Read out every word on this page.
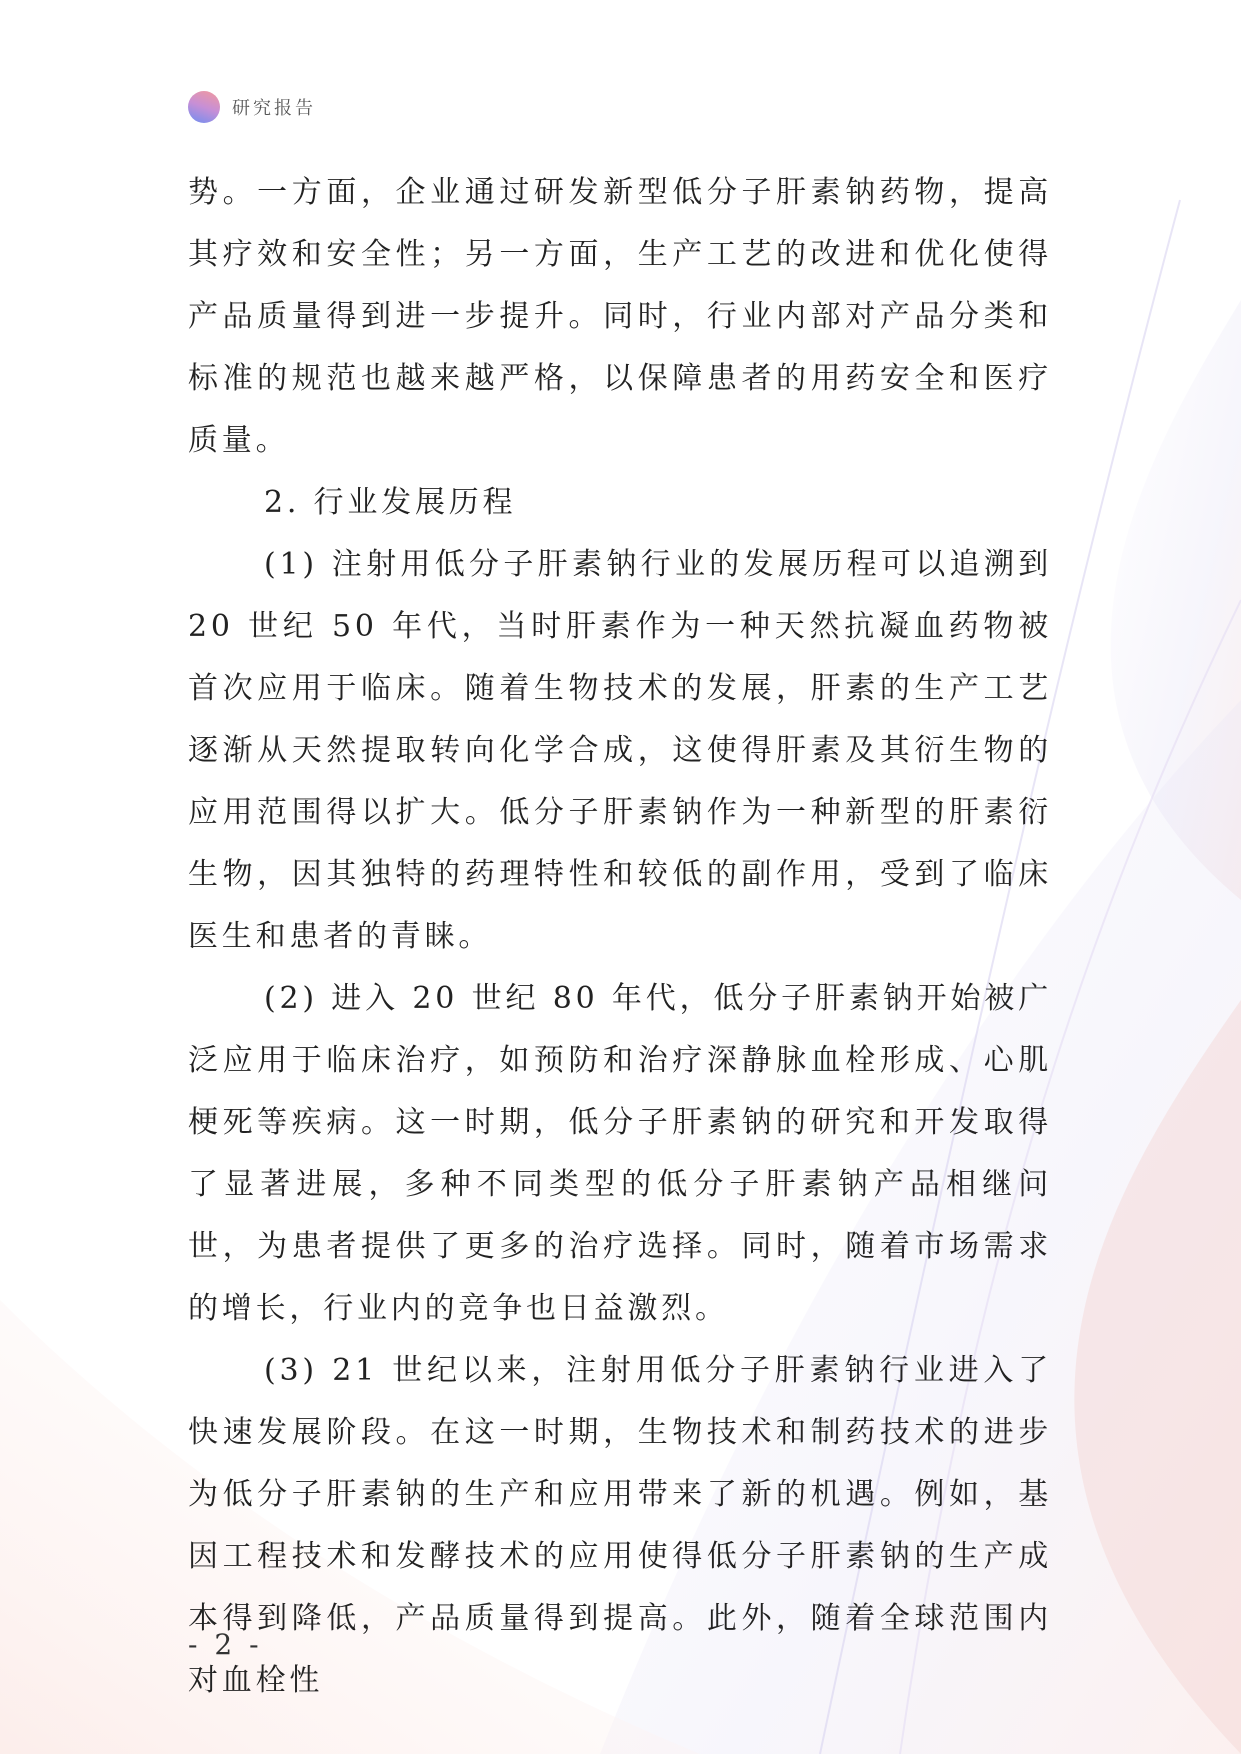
研究报告

势。一方面，企业通过研发新型低分子肝素钠药物，提高其疗效和安全性；另一方面，生产工艺的改进和优化使得产品质量得到进一步提升。同时，行业内部对产品分类和标准的规范也越来越严格，以保障患者的用药安全和医疗质量。

2. 行业发展历程

(1) 注射用低分子肝素钠行业的发展历程可以追溯到20 世纪 50 年代，当时肝素作为一种天然抗凝血药物被首次应用于临床。随着生物技术的发展，肝素的生产工艺逐渐从天然提取转向化学合成，这使得肝素及其衍生物的应用范围得以扩大。低分子肝素钠作为一种新型的肝素衍生物，因其独特的药理特性和较低的副作用，受到了临床医生和患者的青睐。

(2) 进入 20 世纪 80 年代，低分子肝素钠开始被广泛应用于临床治疗，如预防和治疗深静脉血栓形成、心肌梗死等疾病。这一时期，低分子肝素钠的研究和开发取得了显著进展，多种不同类型的低分子肝素钠产品相继问世，为患者提供了更多的治疗选择。同时，随着市场需求的增长，行业内的竞争也日益激烈。

(3) 21 世纪以来，注射用低分子肝素钠行业进入了快速发展阶段。在这一时期，生物技术和制药技术的进步为低分子肝素钠的生产和应用带来了新的机遇。例如，基因工程技术和发酵技术的应用使得低分子肝素钠的生产成本得到降低，产品质量得到提高。此外，随着全球范围内对血栓性

- 2 -
